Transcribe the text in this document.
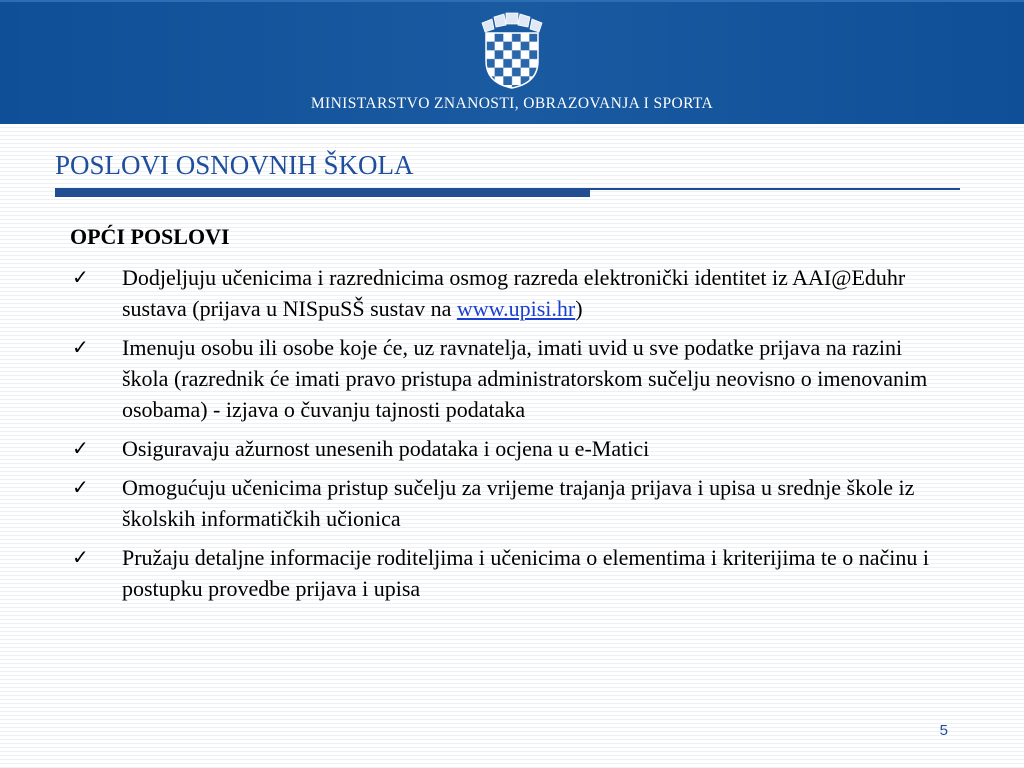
MINISTARSTVO ZNANOSTI, OBRAZOVANJA I SPORTA
POSLOVI OSNOVNIH ŠKOLA
OPĆI POSLOVI
✓ Dodjeljuju učenicima i razrednicima osmog razreda elektronički identitet iz AAI@Eduhr sustava (prijava u NISpuSŠ sustav na www.upisi.hr)
✓ Imenuju osobu ili osobe koje će, uz ravnatelja, imati uvid u sve podatke prijava na razini škola (razrednik će imati pravo pristupa administratorskom sučelju neovisno o imenovanim osobama) - izjava o čuvanju tajnosti podataka
✓ Osiguravaju ažurnost unesenih podataka i ocjena u e-Matici
✓ Omogućuju učenicima pristup sučelju za vrijeme trajanja prijava i upisa u srednje škole iz školskih informatičkih učionica
✓ Pružaju detaljne informacije roditeljima i učenicima o elementima i kriterijima te o načinu i postupku provedbe prijava i upisa
5
